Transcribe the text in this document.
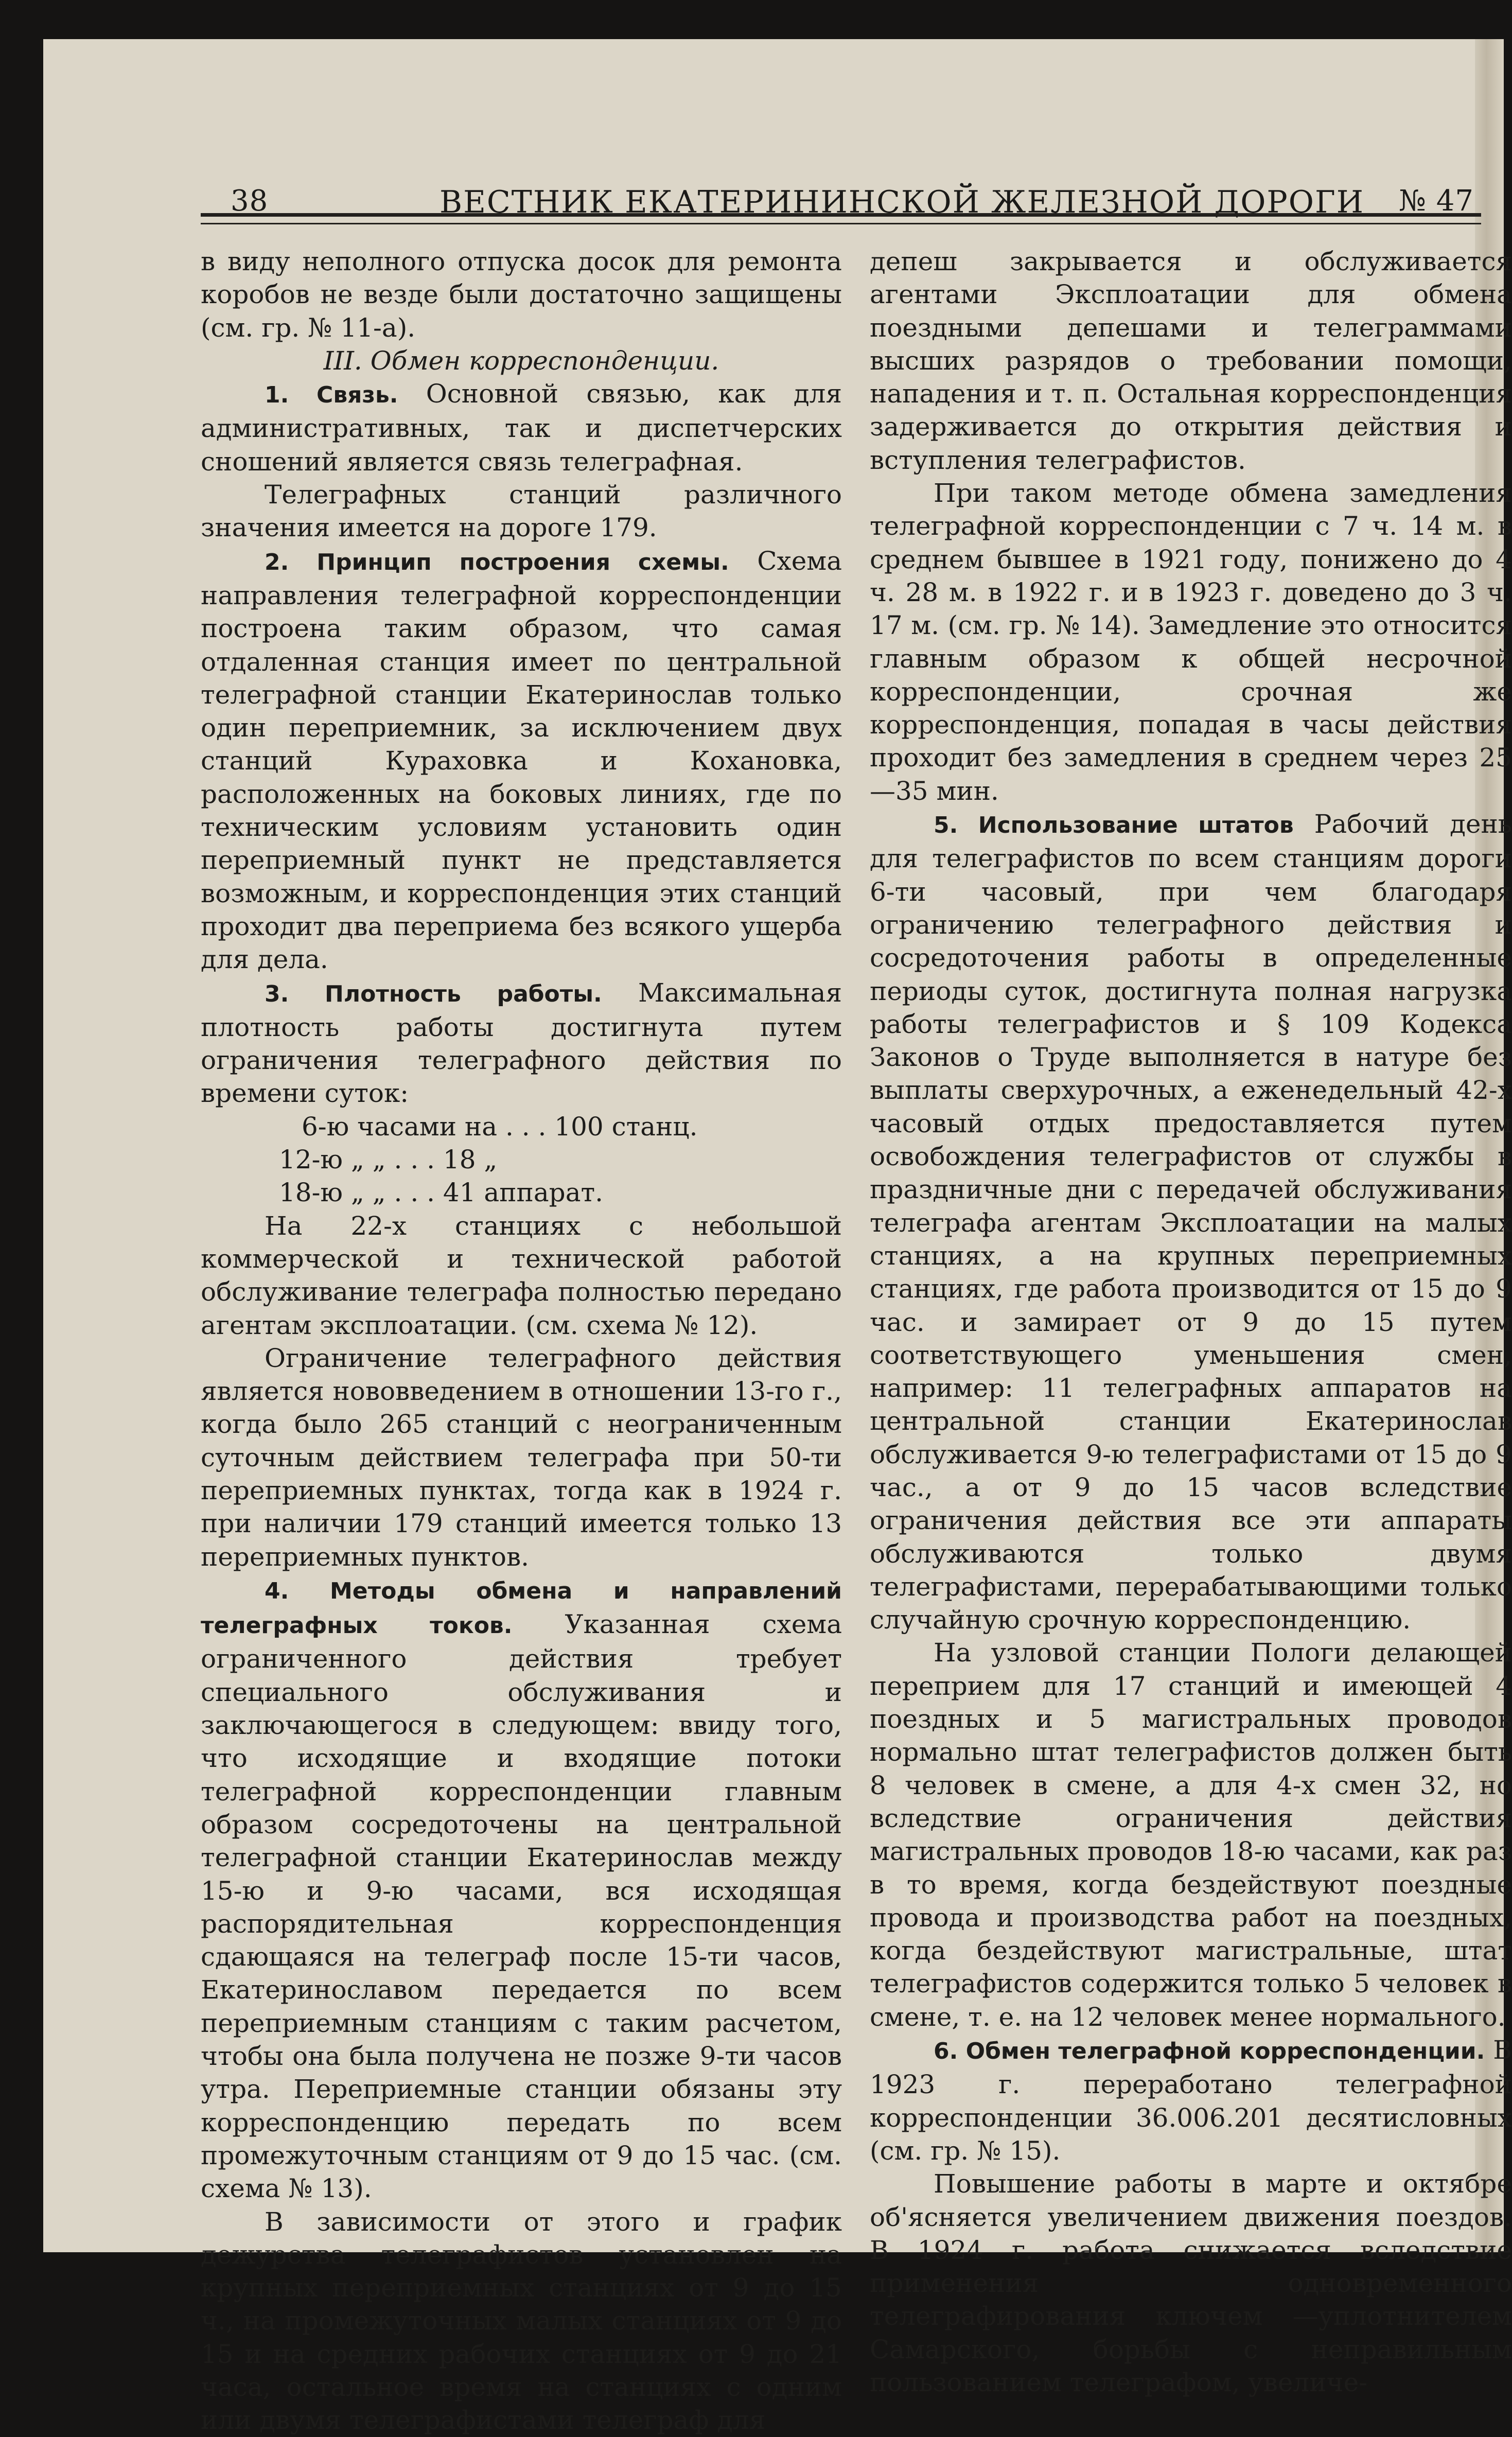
38	ВЕСТНИК ЕКАТЕРИНИНСКОЙ ЖЕЛЕЗНОЙ ДОРОГИ № 47

в виду неполного отпуска досок для ремонта коробов не везде были достаточно защищены (см. гр. № 11-а).

III. Обмен корреспонденции.

1. Связь. Основной связью, как для административных, так и диспетчерских сношений является связь телеграфная.

Телеграфных станций различного значения имеется на дороге 179.

2. Принцип построения схемы. Схема направления телеграфной корреспонденции построена таким образом, что самая отдаленная станция имеет по центральной телеграфной станции Екатеринослав только один переприемник, за исключением двух станций Кураховка и Кохановка, расположенных на боковых линиях, где по техническим условиям установить один переприемный пункт не представляется возможным, и корреспонденция этих станций проходит два переприема без всякого ущерба для дела.

3. Плотность работы. Максимальная плотность работы достигнута путем ограничения телеграфного действия по времени суток:

6-ю часами на . . . 100 станц.

12-ю „ „ . . . 18 „

18-ю „ „ . . . 41 аппарат.

На 22-х станциях с небольшой коммерческой и технической работой обслуживание телеграфа полностью передано агентам эксплоатации. (см. схема № 12).

Ограничение телеграфного действия является нововведением в отношении 13-го г., когда было 265 станций с неограниченным суточным действием телеграфа при 50-ти переприемных пунктах, тогда как в 1924 г. при наличии 179 станций имеется только 13 переприемных пунктов.

4. Методы обмена и направлений телеграфных токов. Указанная схема ограниченного действия требует специального обслуживания и заключающегося в следующем: ввиду того, что исходящие и входящие потоки телеграфной корреспонденции главным образом сосредоточены на центральной телеграфной станции Екатеринослав между 15-ю и 9-ю часами, вся исходящая распорядительная корреспонденция сдающаяся на телеграф после 15-ти часов, Екатеринославом передается по всем переприемным станциям с таким расчетом, чтобы она была получена не позже 9-ти часов утра. Переприемные станции обязаны эту корреспонденцию передать по всем промежуточным станциям от 9 до 15 час. (см. схема № 13).

В зависимости от этого и график дежурства телеграфистов установлен на крупных переприемных станциях от 9 до 15 ч., на промежуточных малых станциях от 9 до 15 и на средних рабочих станциях от 9 до 21 часа, остальное время на станциях с одним или двумя телеграфистами телеграф для

депеш закрывается и обслуживается агентами Эксплоатации для обмена поездными депешами и телеграммами высших разрядов о требовании помощи, нападения и т. п. Остальная корреспонденция задерживается до открытия действия и вступления телеграфистов.

При таком методе обмена замедления телеграфной корреспонденции с 7 ч. 14 м. в среднем бывшее в 1921 году, понижено до 4 ч. 28 м. в 1922 г. и в 1923 г. доведено до 3 ч. 17 м. (см. гр. № 14). Замедление это относится главным образом к общей несрочной корреспонденции, срочная же корреспонденция, попадая в часы действия проходит без замедления в среднем через 25—35 мин.

5. Использование штатов Рабочий день для телеграфистов по всем станциям дороги 6-ти часовый, при чем благодаря ограничению телеграфного действия и сосредоточения работы в определенные периоды суток, достигнута полная нагрузка работы телеграфистов и § 109 Кодекса Законов о Труде выполняется в натуре без выплаты сверхурочных, а еженедельный 42-х часовый отдых предоставляется путем освобождения телеграфистов от службы в праздничные дни с передачей обслуживания телеграфа агентам Эксплоатации на малых станциях, а на крупных переприемных станциях, где работа производится от 15 до 9 час. и замирает от 9 до 15 путем соответствующего уменьшения смен, например: 11 телеграфных аппаратов на центральной станции Екатеринослав обслуживается 9-ю телеграфистами от 15 до 9 час., а от 9 до 15 часов вследствие ограничения действия все эти аппараты обслуживаются только двумя телеграфистами, перерабатывающими только случайную срочную корреспонденцию.

На узловой станции Пологи делающей переприем для 17 станций и имеющей 4 поездных и 5 магистральных проводов нормально штат телеграфистов должен быть 8 человек в смене, а для 4-х смен 32, но вследствие ограничения действия магистральных проводов 18-ю часами, как раз в то время, когда бездействуют поездные провода и производства работ на поездных, когда бездействуют магистральные, штат телеграфистов содержится только 5 человек в смене, т. е. на 12 человек менее нормального.

6. Обмен телеграфной корреспонденции. В 1923 г. переработано телеграфной корреспонденции 36.006.201 десятисловных (см. гр. № 15).

Повышение работы в марте и октябре об'ясняется увеличением движения поездов. В 1924 г. работа снижается вследствие применения одновременного телеграфирования ключем —уплотнителем Самарского, борьбы с неправильным пользованием телеграфом, увеличе-
